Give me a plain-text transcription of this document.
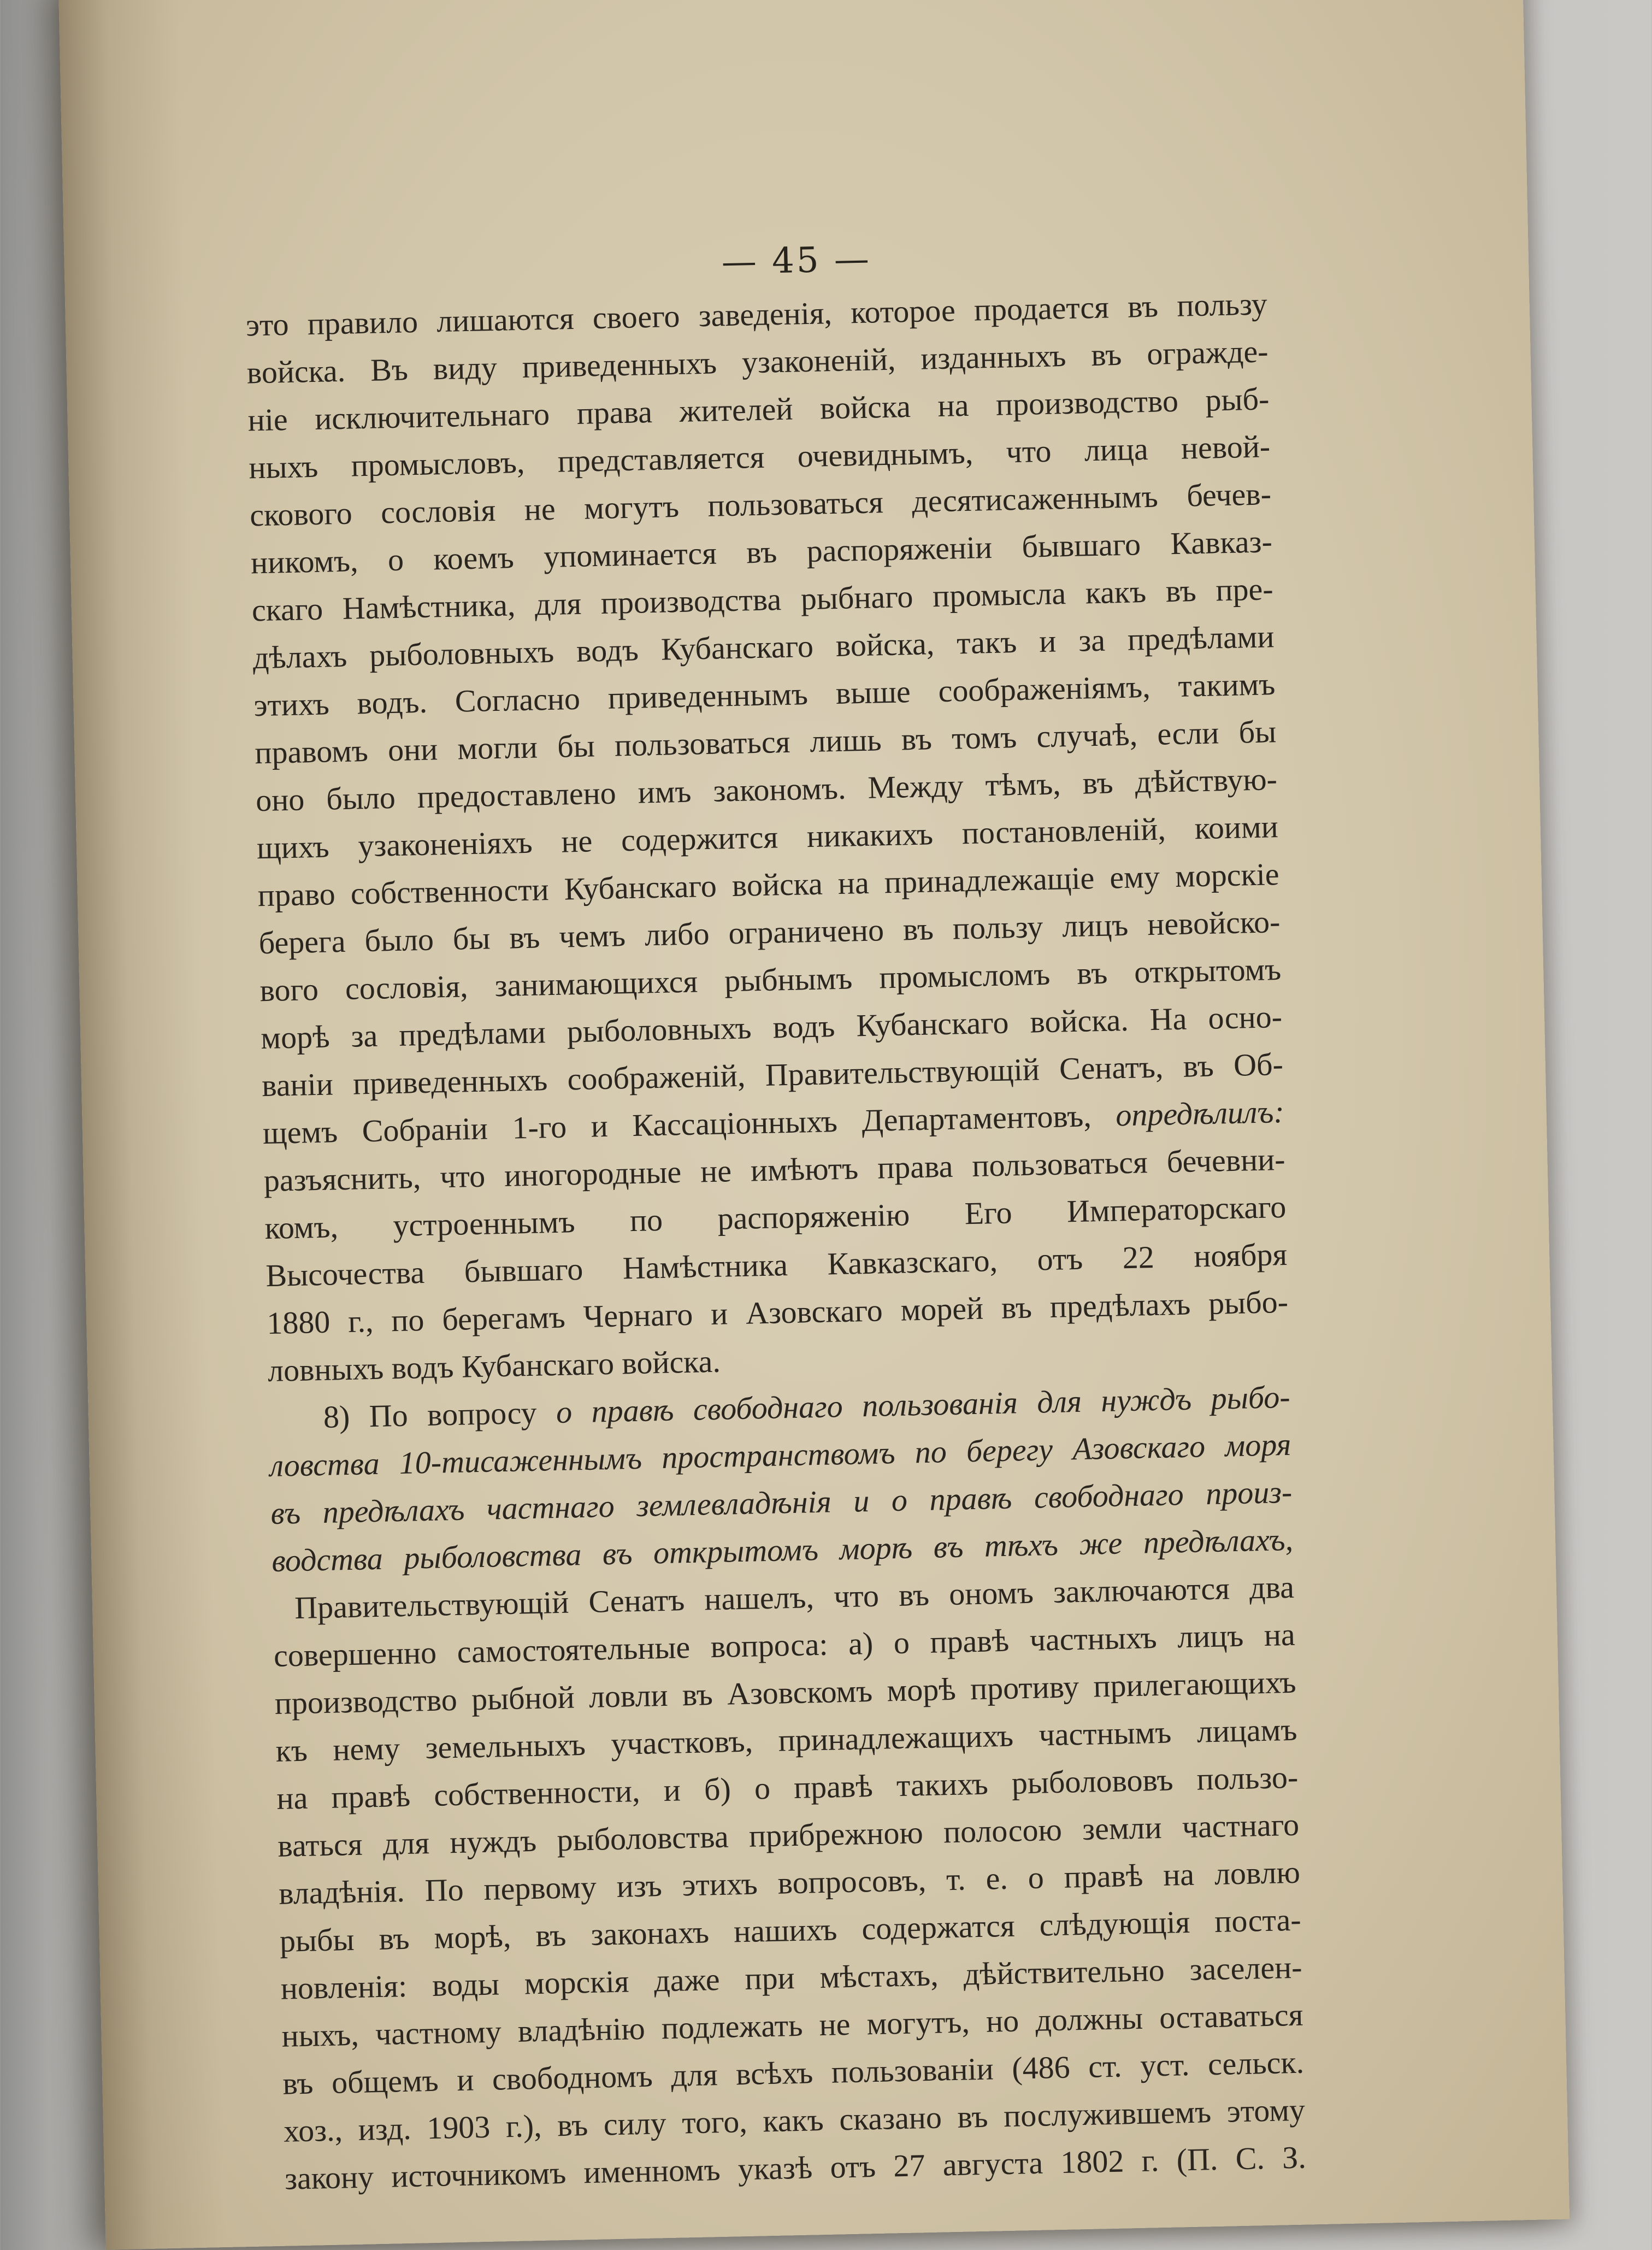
— 45 —
это правило лишаются своего заведенія, которое продается въ пользу
войска. Въ виду приведенныхъ узаконеній, изданныхъ въ огражде-
ніе исключительнаго права жителей войска на производство рыб-
ныхъ промысловъ, представляется очевиднымъ, что лица невой-
скового сословія не могутъ пользоваться десятисаженнымъ бечев-
никомъ, о коемъ упоминается въ распоряженіи бывшаго Кавказ-
скаго Намѣстника, для производства рыбнаго промысла какъ въ пре-
дѣлахъ рыболовныхъ водъ Кубанскаго войска, такъ и за предѣлами
этихъ водъ. Согласно приведеннымъ выше соображеніямъ, такимъ
правомъ они могли бы пользоваться лишь въ томъ случаѣ, если бы
оно было предоставлено имъ закономъ. Между тѣмъ, въ дѣйствую-
щихъ узаконеніяхъ не содержится никакихъ постановленій, коими
право собственности Кубанскаго войска на принадлежащіе ему морскіе
берега было бы въ чемъ либо ограничено въ пользу лицъ невойско-
вого сословія, занимающихся рыбнымъ промысломъ въ открытомъ
морѣ за предѣлами рыболовныхъ водъ Кубанскаго войска. На осно-
ваніи приведенныхъ соображеній, Правительствующій Сенатъ, въ Об-
щемъ Собраніи 1-го и Кассаціонныхъ Департаментовъ, опредѣлилъ:
разъяснить, что иногородные не имѣютъ права пользоваться бечевни-
комъ, устроеннымъ по распоряженію Его Императорскаго
Высочества бывшаго Намѣстника Кавказскаго, отъ 22 ноября
1880 г., по берегамъ Чернаго и Азовскаго морей въ предѣлахъ рыбо-
ловныхъ водъ Кубанскаго войска.
8) По вопросу о правѣ свободнаго пользованія для нуждъ рыбо-
ловства 10-тисаженнымъ пространствомъ по берегу Азовскаго моря
въ предѣлахъ частнаго землевладѣнія и о правѣ свободнаго произ-
водства рыболовства въ открытомъ морѣ въ тѣхъ же предѣлахъ,
Правительствующій Сенатъ нашелъ, что въ ономъ заключаются два
совершенно самостоятельные вопроса: а) о правѣ частныхъ лицъ на
производство рыбной ловли въ Азовскомъ морѣ противу прилегающихъ
къ нему земельныхъ участковъ, принадлежащихъ частнымъ лицамъ
на правѣ собственности, и б) о правѣ такихъ рыболововъ пользо-
ваться для нуждъ рыболовства прибрежною полосою земли частнаго
владѣнія. По первому изъ этихъ вопросовъ, т. е. о правѣ на ловлю
рыбы въ морѣ, въ законахъ нашихъ содержатся слѣдующія поста-
новленія: воды морскія даже при мѣстахъ, дѣйствительно заселен-
ныхъ, частному владѣнію подлежать не могутъ, но должны оставаться
въ общемъ и свободномъ для всѣхъ пользованіи (486 ст. уст. сельск.
хоз., изд. 1903 г.), въ силу того, какъ сказано въ послужившемъ этому
закону источникомъ именномъ указѣ отъ 27 августа 1802 г. (П. С. З.
